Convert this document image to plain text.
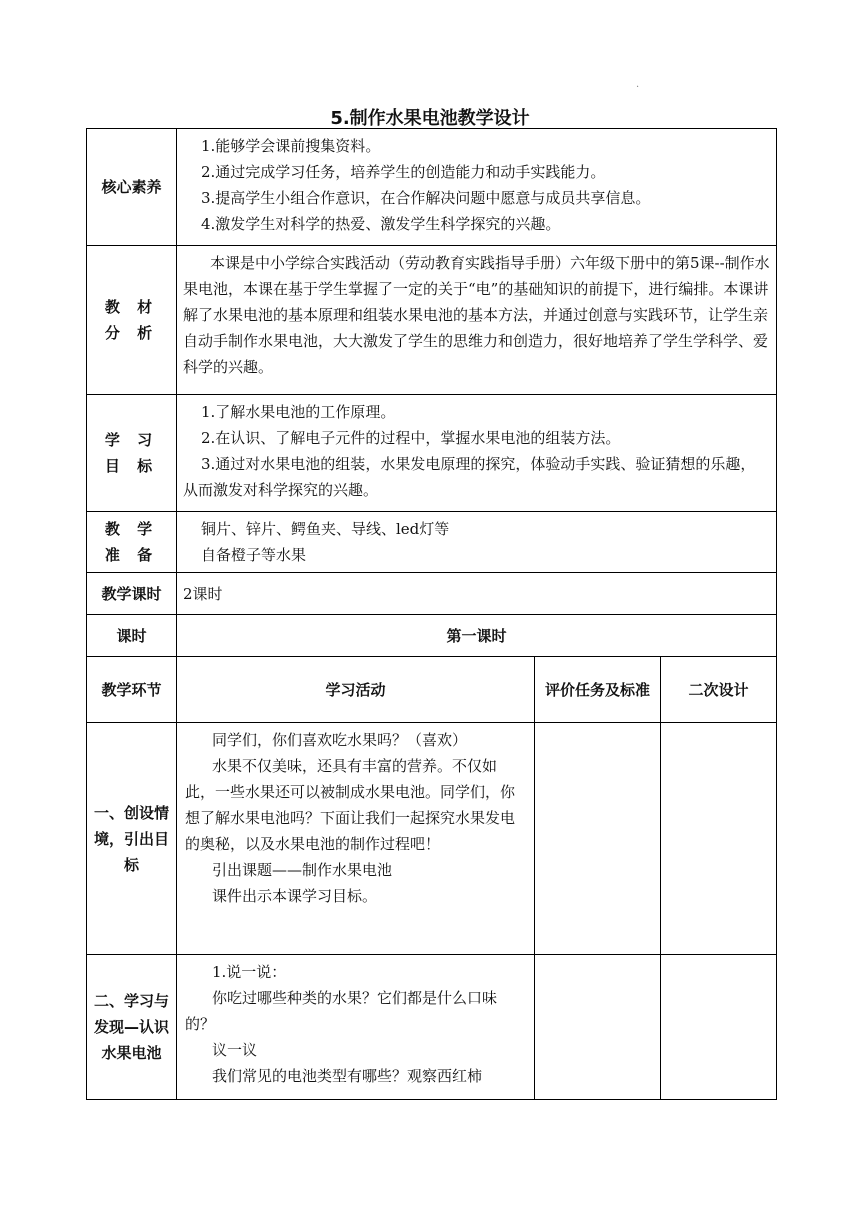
·
5.制作水果电池教学设计
核心素养	1.能够学会课前搜集资料。
2.通过完成学习任务，培养学生的创造能力和动手实践能力。
3.提高学生小组合作意识，在合作解决问题中愿意与成员共享信息。
4.激发学生对科学的热爱、激发学生科学探究的兴趣。		

教 材
分 析	本课是中小学综合实践活动（劳动教育实践指导手册）六年级下册中的第5课--制作水果电池，本课在基于学生掌握了一定的关于“电”的基础知识的前提下，进行编排。本课讲解了水果电池的基本原理和组装水果电池的基本方法，并通过创意与实践环节，让学生亲自动手制作水果电池，大大激发了学生的思维力和创造力，很好地培养了学生学科学、爱科学的兴趣。		

学 习
目 标	1.了解水果电池的工作原理。
2.在认识、了解电子元件的过程中，掌握水果电池的组装方法。
3.通过对水果电池的组装，水果发电原理的探究，体验动手实践、验证猜想的乐趣，从而激发对科学探究的兴趣。		

教 学
准 备	铜片、锌片、鳄鱼夹、导线、led灯等
自备橙子等水果		

教学课时	2课时		
课时	第一课时		
教学环节	学习活动	评价任务及标准	二次设计
一、创设情境，引出目标	同学们，你们喜欢吃水果吗？（喜欢）
水果不仅美味，还具有丰富的营养。不仅如此，一些水果还可以被制成水果电池。同学们，你想了解水果电池吗？下面让我们一起探究水果发电的奥秘，以及水果电池的制作过程吧！
引出课题——制作水果电池
课件出示本课学习目标。		

二、学习与发现—认识水果电池	1.说一说：
你吃过哪些种类的水果？它们都是什么口味的？
议一议
我们常见的电池类型有哪些？观察西红柿		
